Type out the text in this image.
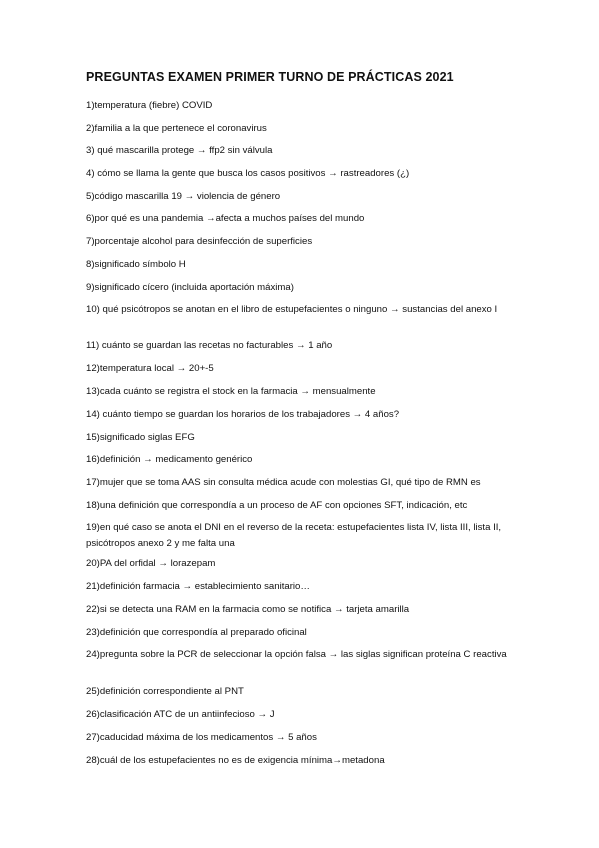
PREGUNTAS EXAMEN PRIMER TURNO DE PRÁCTICAS 2021
1)temperatura (fiebre) COVID
2)familia a la que pertenece el coronavirus
3) qué mascarilla protege → ffp2 sin válvula
4) cómo se llama la gente que busca los casos positivos → rastreadores (¿)
5)código mascarilla 19 → violencia de género
6)por qué es una pandemia →afecta a muchos países del mundo
7)porcentaje alcohol para desinfección de superficies
8)significado símbolo H
9)significado cícero (incluida aportación máxima)
10) qué psicótropos se anotan en el libro de estupefacientes o ninguno → sustancias del anexo I
11) cuánto se guardan las recetas no facturables → 1 año
12)temperatura local → 20+-5
13)cada cuánto se registra el stock en la farmacia → mensualmente
14) cuánto tiempo se guardan los horarios de los trabajadores → 4 años?
15)significado siglas EFG
16)definición → medicamento genérico
17)mujer que se toma AAS sin consulta médica acude con molestias GI, qué tipo de RMN es
18)una definición que correspondía a un proceso de AF con opciones SFT, indicación, etc
19)en qué caso se anota el DNI en el reverso de la receta: estupefacientes lista IV, lista III, lista II, psicótropos anexo 2 y me falta una
20)PA del orfidal → lorazepam
21)definición farmacia → establecimiento sanitario…
22)si se detecta una RAM en la farmacia como se notifica → tarjeta amarilla
23)definición que correspondía al preparado oficinal
24)pregunta sobre la PCR de seleccionar la opción falsa → las siglas significan proteína C reactiva
25)definición correspondiente al PNT
26)clasificación ATC de un antiinfecioso → J
27)caducidad máxima de los medicamentos → 5 años
28)cuál de los estupefacientes no es de exigencia mínima→metadona
